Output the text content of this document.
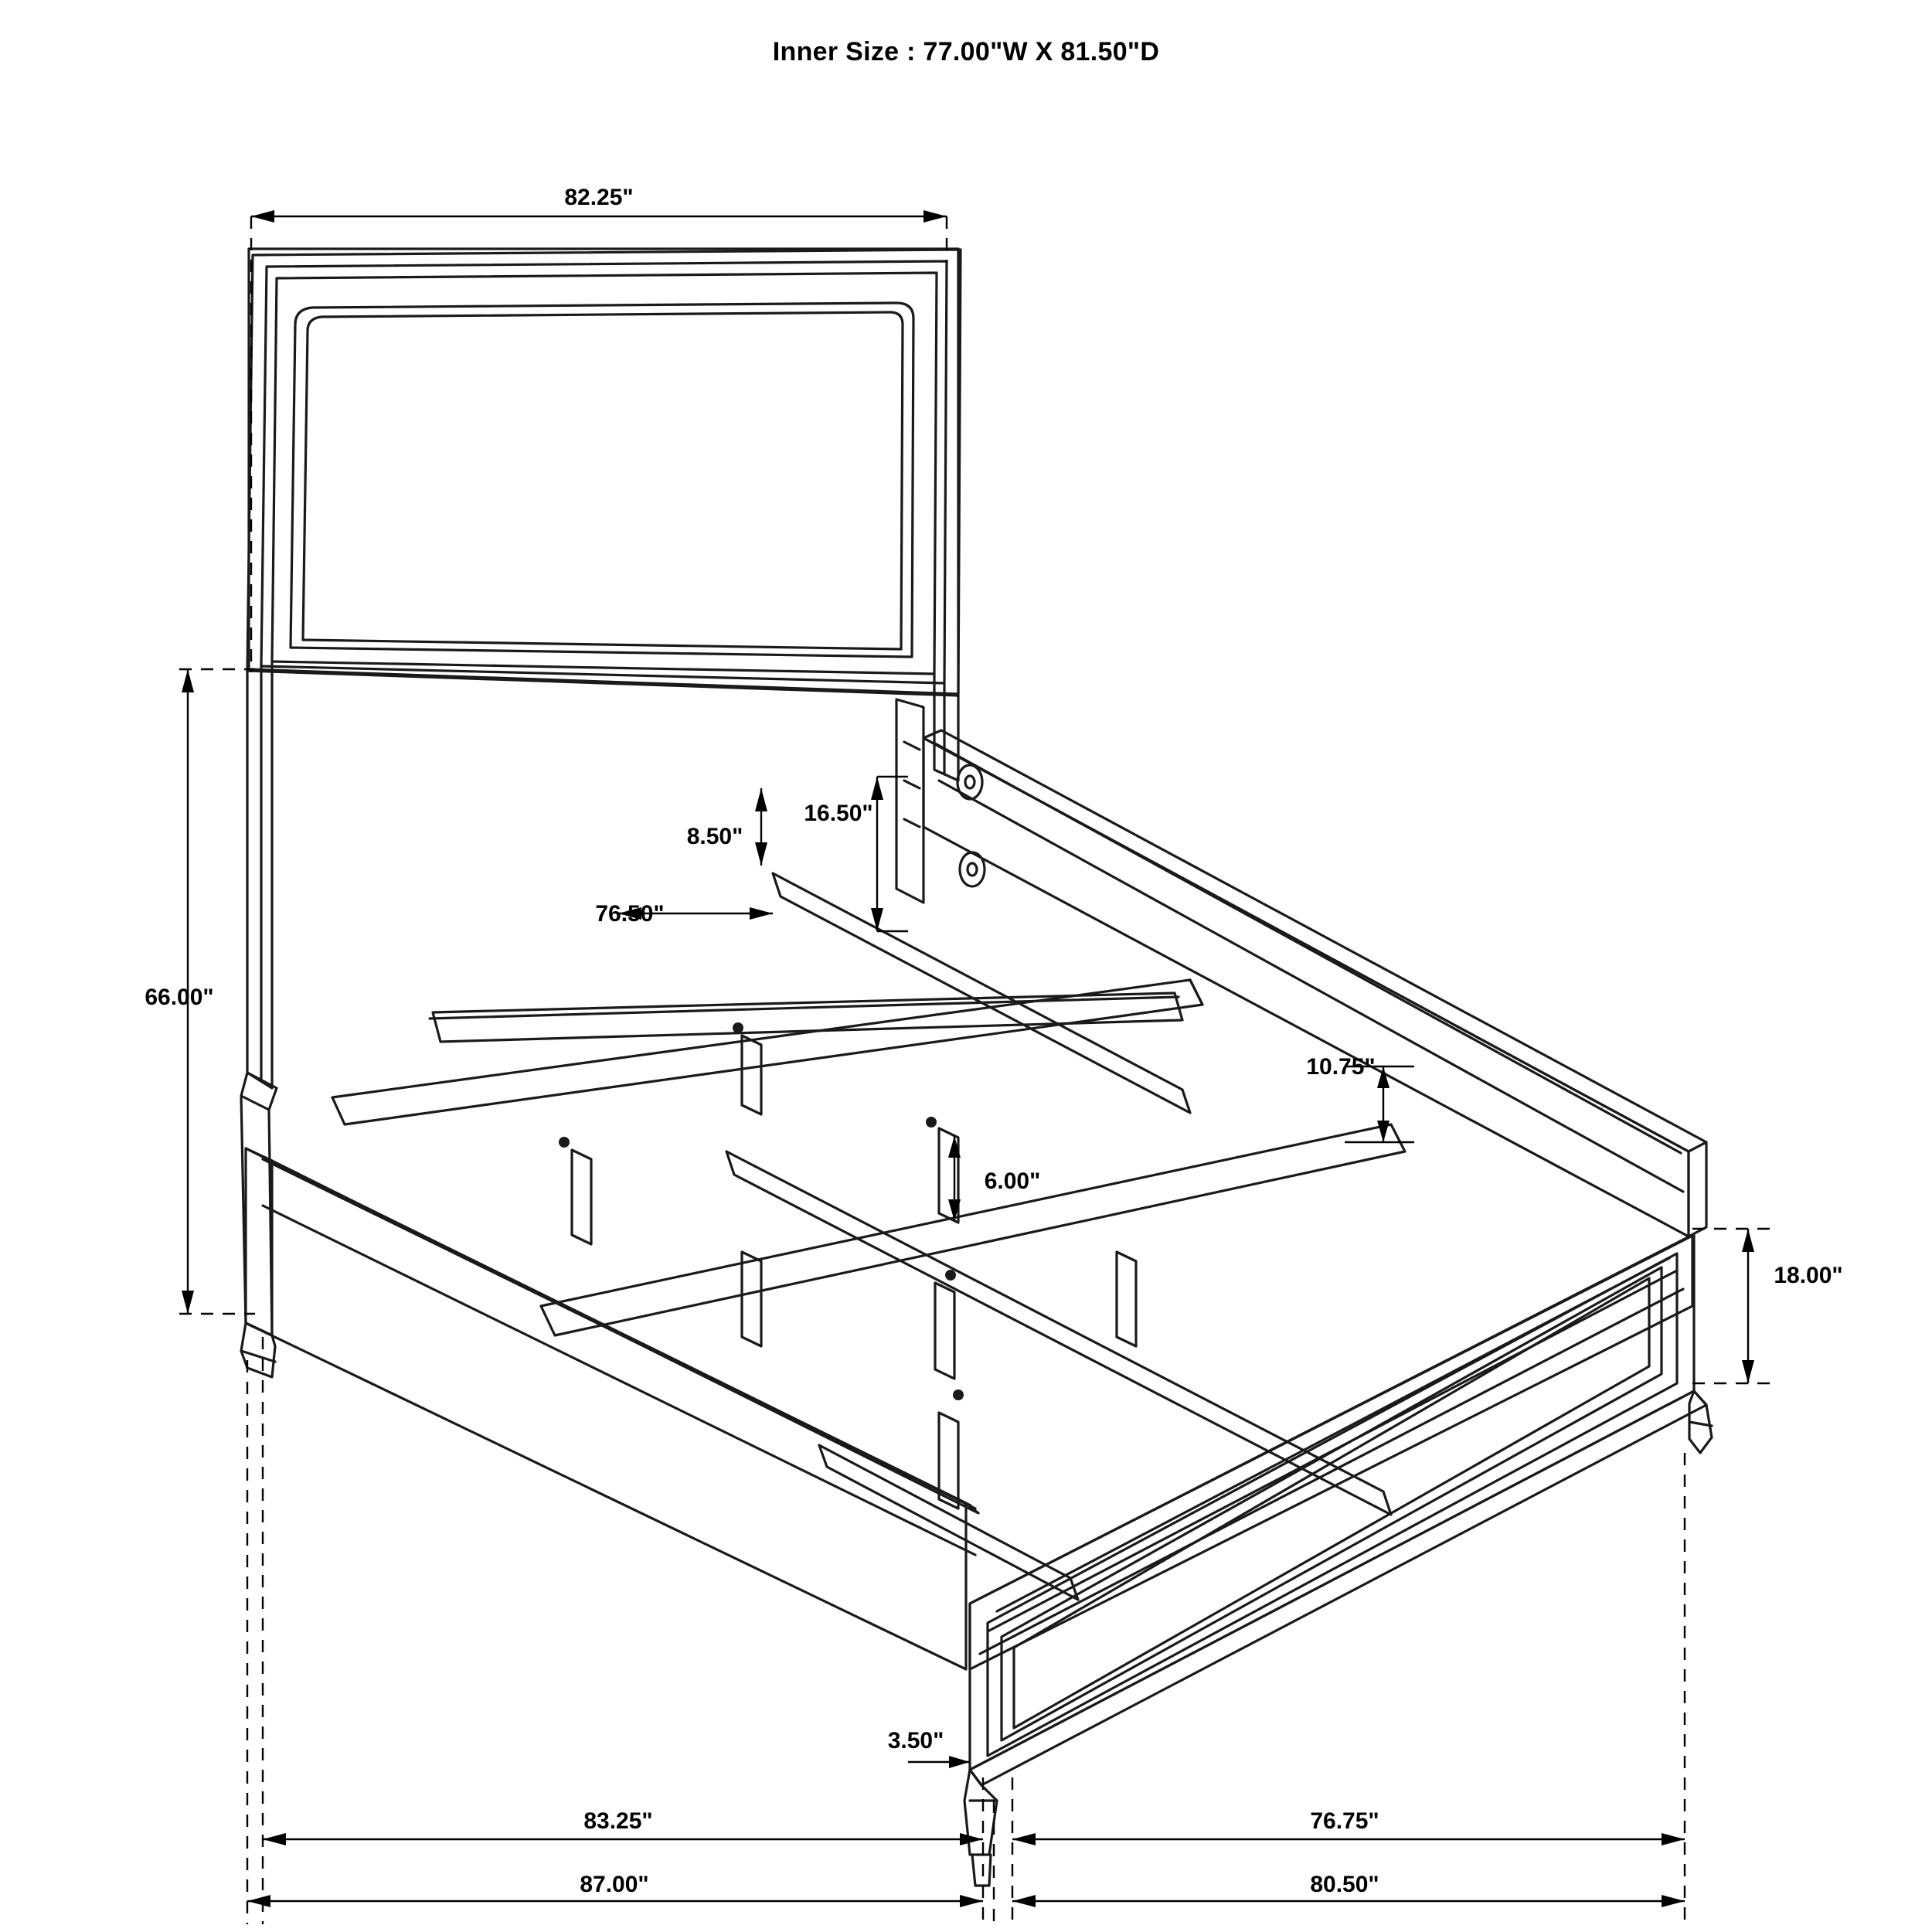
Inner Size : 77.00"W X 81.50"D
82.25"
66.00"
16.50"
8.50"
76.50"
10.75"
6.00"
18.00"
3.50"
83.25"
87.00"
76.75"
80.50"
